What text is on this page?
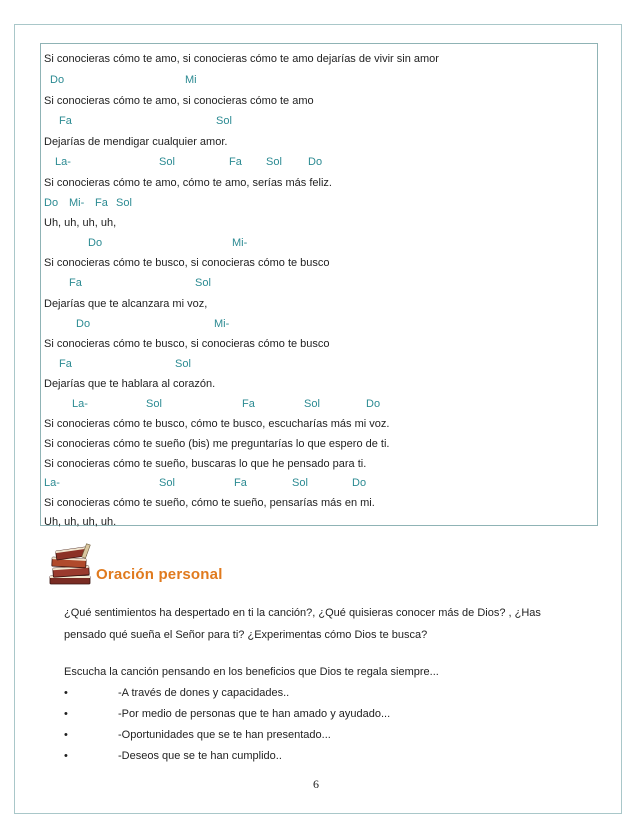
Si conocieras cómo te amo, si conocieras cómo te amo dejarías de vivir sin amor
Do	Mi
Si conocieras cómo te amo, si conocieras cómo te amo
Fa	Sol
Dejarías de mendigar cualquier amor.
La-	Sol	Fa Sol Do
Si conocieras cómo te amo, cómo te amo, serías más feliz.
Do Mi- Fa Sol
Uh, uh, uh, uh,
Do	Mi-
Si conocieras cómo te busco, si conocieras cómo te busco
Fa	Sol
Dejarías que te alcanzara mi voz,
Do	Mi-
Si conocieras cómo te busco, si conocieras cómo te busco
Fa	Sol
Dejarías que te hablara al corazón.
La-	Sol	Fa	Sol	Do
Si conocieras cómo te busco, cómo te busco, escucharías más mi voz.
Si conocieras cómo te sueño (bis) me preguntarías lo que espero de ti.
Si conocieras cómo te sueño, buscaras lo que he pensado para ti.
La-	Sol	Fa	Sol	Do
Si conocieras cómo te sueño, cómo te sueño, pensarías más en mi.
Uh, uh, uh, uh.
Oración personal
¿Qué sentimientos ha despertado en ti la canción?, ¿Qué quisieras conocer más de Dios? , ¿Has
pensado qué sueña el Señor para ti? ¿Experimentas cómo Dios te busca?
Escucha la canción pensando en los beneficios que Dios te regala siempre...
•	-A través de dones y capacidades..
•	-Por medio de personas que te han amado y ayudado...
•	-Oportunidades que se te han presentado...
•	-Deseos que se te han cumplido..
6
